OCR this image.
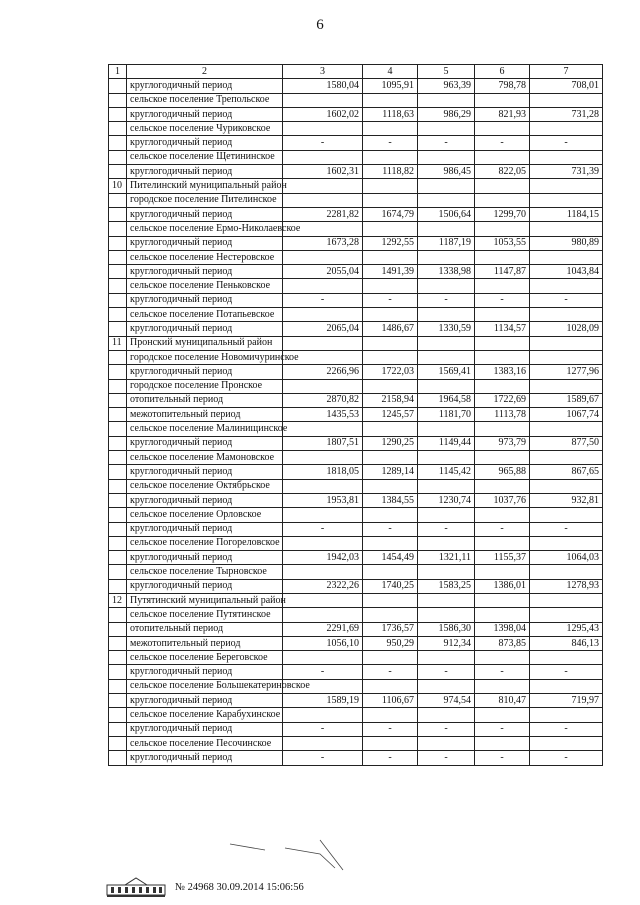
6
1	2	3	4	5	6	7
	круглогодичный период	1580,04	1095,91	963,39	798,78	708,01
	сельское поселение Трепольское					
	круглогодичный период	1602,02	1118,63	986,29	821,93	731,28
	сельское поселение Чуриковское					
	круглогодичный период	-	-	-	-	-
	сельское поселение Щетининское					
	круглогодичный период	1602,31	1118,82	986,45	822,05	731,39
10	Пителинский муниципальный район					
	городское поселение Пителинское					
	круглогодичный период	2281,82	1674,79	1506,64	1299,70	1184,15
	сельское поселение Ермо-Николаевское					
	круглогодичный период	1673,28	1292,55	1187,19	1053,55	980,89
	сельское поселение Нестеровское					
	круглогодичный период	2055,04	1491,39	1338,98	1147,87	1043,84
	сельское поселение Пеньковское					
	круглогодичный период	-	-	-	-	-
	сельское поселение Потапьевское					
	круглогодичный период	2065,04	1486,67	1330,59	1134,57	1028,09
11	Пронский муниципальный район					
	городское поселение Новомичуринское					
	круглогодичный период	2266,96	1722,03	1569,41	1383,16	1277,96
	городское поселение Пронское					
	отопительный период	2870,82	2158,94	1964,58	1722,69	1589,67
	межотопительный период	1435,53	1245,57	1181,70	1113,78	1067,74
	сельское поселение Малинищинское					
	круглогодичный период	1807,51	1290,25	1149,44	973,79	877,50
	сельское поселение Мамоновское					
	круглогодичный период	1818,05	1289,14	1145,42	965,88	867,65
	сельское поселение Октябрьское					
	круглогодичный период	1953,81	1384,55	1230,74	1037,76	932,81
	сельское поселение Орловское					
	круглогодичный период	-	-	-	-	-
	сельское поселение Погореловское					
	круглогодичный период	1942,03	1454,49	1321,11	1155,37	1064,03
	сельское поселение Тырновское					
	круглогодичный период	2322,26	1740,25	1583,25	1386,01	1278,93
12	Путятинский муниципальный район					
	сельское поселение Путятинское					
	отопительный период	2291,69	1736,57	1586,30	1398,04	1295,43
	межотопительный период	1056,10	950,29	912,34	873,85	846,13
	сельское поселение Береговское					
	круглогодичный период	-	-	-	-	-
	сельское поселение Большекатериновское					
	круглогодичный период	1589,19	1106,67	974,54	810,47	719,97
	сельское поселение Карабухинское					
	круглогодичный период	-	-	-	-	-
	сельское поселение Песочинское					
	круглогодичный период	-	-	-	-	-
№ 24968 30.09.2014 15:06:56
